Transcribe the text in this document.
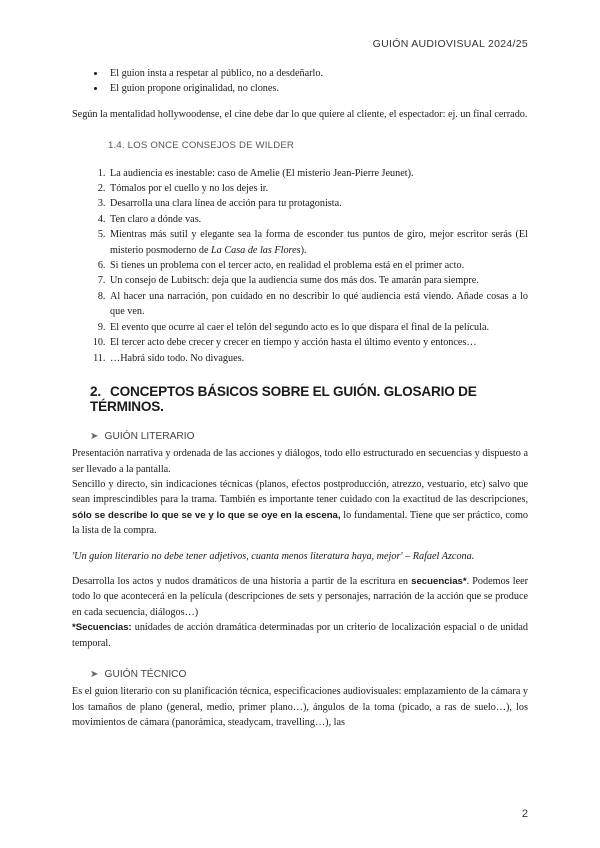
GUIÓN AUDIOVISUAL 2024/25
• El guion insta a respetar al público, no a desdeñarlo.
• El guion propone originalidad, no clones.

Según la mentalidad hollywoodense, el cine debe dar lo que quiere al cliente, el espectador: ej. un final cerrado.

1.4. LOS ONCE CONSEJOS DE WILDER
1. La audiencia es inestable: caso de Amelie (El misterio Jean-Pierre Jeunet).
2. Tómalos por el cuello y no los dejes ir.
3. Desarrolla una clara línea de acción para tu protagonista.
4. Ten claro a dónde vas.
5. Mientras más sutil y elegante sea la forma de esconder tus puntos de giro, mejor escritor serás (El misterio posmoderno de La Casa de las Flores).
6. Si tienes un problema con el tercer acto, en realidad el problema está en el primer acto.
7. Un consejo de Lubitsch: deja que la audiencia sume dos más dos. Te amarán para siempre.
8. Al hacer una narración, pon cuidado en no describir lo qué audiencia está viendo. Añade cosas a lo que ven.
9. El evento que ocurre al caer el telón del segundo acto es lo que dispara el final de la película.
10. El tercer acto debe crecer y crecer en tiempo y acción hasta el último evento y entonces…
11. …Habrá sido todo. No divagues.
2. CONCEPTOS BÁSICOS SOBRE EL GUIÓN. GLOSARIO DE TÉRMINOS.
➤ GUIÓN LITERARIO

Presentación narrativa y ordenada de las acciones y diálogos, todo ello estructurado en secuencias y dispuesto a ser llevado a la pantalla.

Sencillo y directo, sin indicaciones técnicas (planos, efectos postproducción, atrezzo, vestuario, etc) salvo que sean imprescindibles para la trama. También es importante tener cuidado con la exactitud de las descripciones, sólo se describe lo que se ve y lo que se oye en la escena, lo fundamental. Tiene que ser práctico, como la lista de la compra.

'Un guion literario no debe tener adjetivos, cuanta menos literatura haya, mejor' – Rafael Azcona.

Desarrolla los actos y nudos dramáticos de una historia a partir de la escritura en secuencias*. Podemos leer todo lo que acontecerá en la película (descripciones de sets y personajes, narración de la acción que se produce en cada secuencia, diálogos…)

*Secuencias: unidades de acción dramática determinadas por un criterio de localización espacial o de unidad temporal.

➤ GUIÓN TÉCNICO

Es el guion literario con su planificación técnica, especificaciones audiovisuales: emplazamiento de la cámara y los tamaños de plano (general, medio, primer plano…), ángulos de la toma (picado, a ras de suelo…), los movimientos de cámara (panorámica, steadycam, travelling…), las

2
